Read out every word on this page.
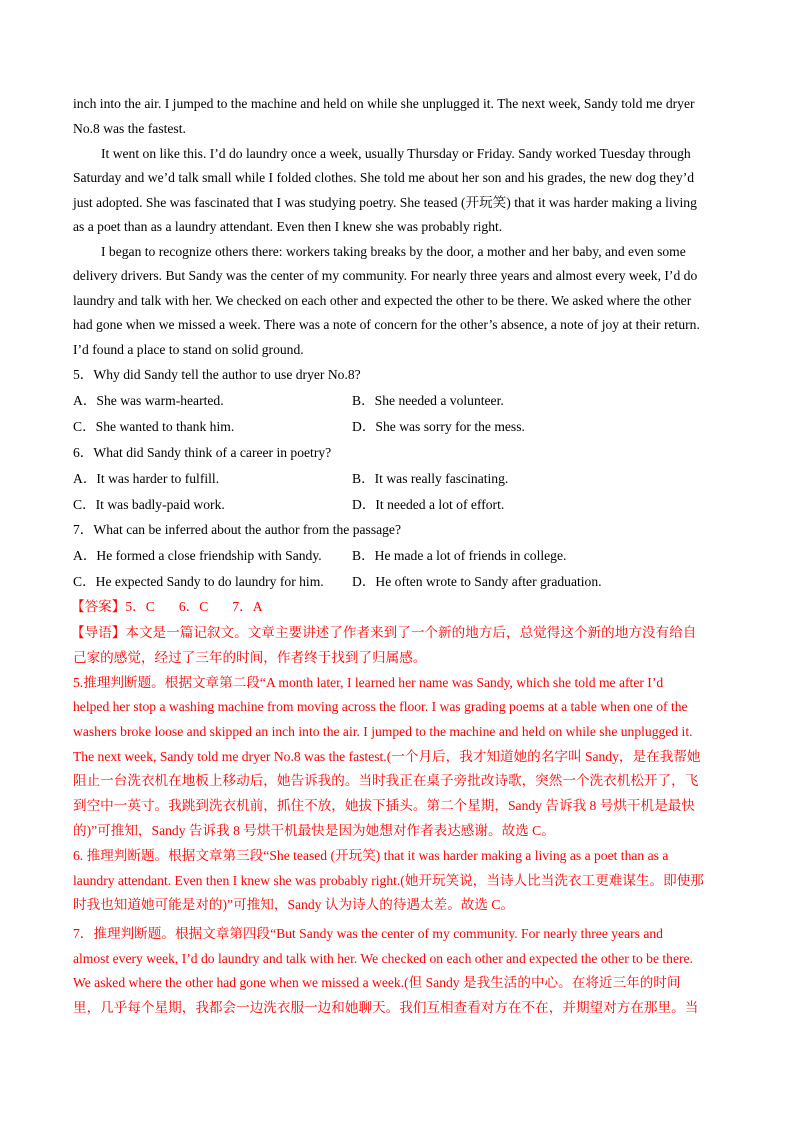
inch into the air. I jumped to the machine and held on while she unplugged it. The next week, Sandy told me dryer
No.8 was the fastest.
It went on like this. I’d do laundry once a week, usually Thursday or Friday. Sandy worked Tuesday through
Saturday and we’d talk small while I folded clothes. She told me about her son and his grades, the new dog they’d
just adopted. She was fascinated that I was studying poetry. She teased (开玩笑) that it was harder making a living
as a poet than as a laundry attendant. Even then I knew she was probably right.
I began to recognize others there: workers taking breaks by the door, a mother and her baby, and even some
delivery drivers. But Sandy was the center of my community. For nearly three years and almost every week, I’d do
laundry and talk with her. We checked on each other and expected the other to be there. We asked where the other
had gone when we missed a week. There was a note of concern for the other’s absence, a note of joy at their return.
I’d found a place to stand on solid ground.
5．Why did Sandy tell the author to use dryer No.8?
A．She was warm-hearted.	B．She needed a volunteer.
C．She wanted to thank him.	D．She was sorry for the mess.
6．What did Sandy think of a career in poetry?
A．It was harder to fulfill.	B．It was really fascinating.
C．It was badly-paid work.	D．It needed a lot of effort.
7．What can be inferred about the author from the passage?
A．He formed a close friendship with Sandy. B．He made a lot of friends in college.
C．He expected Sandy to do laundry for him. D．He often wrote to Sandy after graduation.
【答案】5．C 6．C 7．A
【导语】本文是一篇记叙文。文章主要讲述了作者来到了一个新的地方后，总觉得这个新的地方没有给自
己家的感觉，经过了三年的时间，作者终于找到了归属感。
5.推理判断题。根据文章第二段“A month later, I learned her name was Sandy, which she told me after I’d
helped her stop a washing machine from moving across the floor. I was grading poems at a table when one of the
washers broke loose and skipped an inch into the air. I jumped to the machine and held on while she unplugged it.
The next week, Sandy told me dryer No.8 was the fastest.(一个月后，我才知道她的名字叫 Sandy，是在我帮她
阻止一台洗衣机在地板上移动后，她告诉我的。当时我正在桌子旁批改诗歌，突然一个洗衣机松开了，飞
到空中一英寸。我跳到洗衣机前，抓住不放，她拔下插头。第二个星期，Sandy 告诉我 8 号烘干机是最快
的)”可推知，Sandy 告诉我 8 号烘干机最快是因为她想对作者表达感谢。故选 C。
6. 推理判断题。根据文章第三段“She teased (开玩笑) that it was harder making a living as a poet than as a
laundry attendant. Even then I knew she was probably right.(她开玩笑说，当诗人比当洗衣工更难谋生。即使那
时我也知道她可能是对的)”可推知，Sandy 认为诗人的待遇太差。故选 C。
7．推理判断题。根据文章第四段“But Sandy was the center of my community. For nearly three years and
almost every week, I’d do laundry and talk with her. We checked on each other and expected the other to be there.
We asked where the other had gone when we missed a week.(但 Sandy 是我生活的中心。在将近三年的时间
里，几乎每个星期，我都会一边洗衣服一边和她聊天。我们互相查看对方在不在，并期望对方在那里。当
